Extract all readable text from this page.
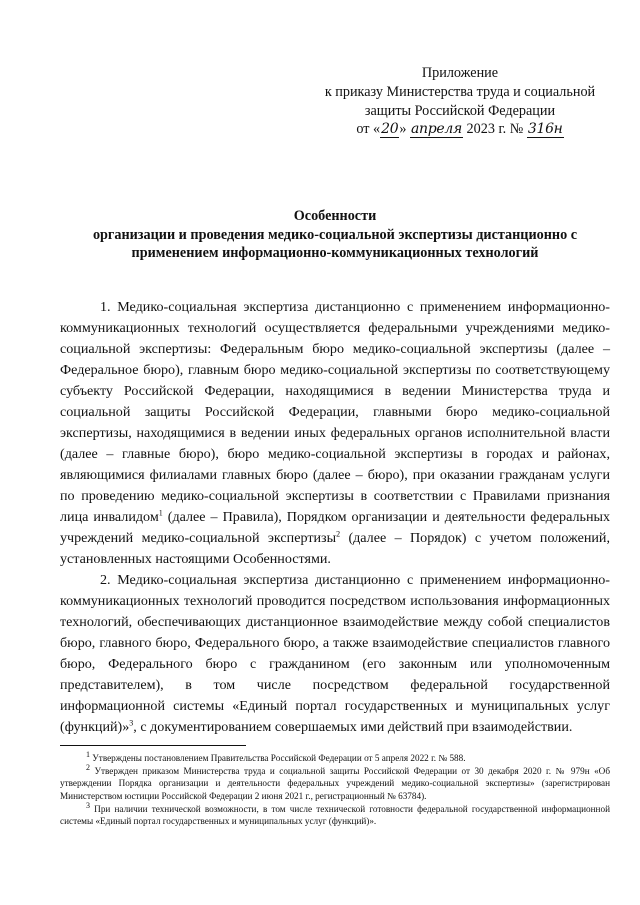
Приложение
к приказу Министерства труда и социальной
защиты Российской Федерации
от «20» апреля 2023 г. № 316н
Особенности
организации и проведения медико-социальной экспертизы дистанционно с
применением информационно-коммуникационных технологий

1. Медико-социальная экспертиза дистанционно с применением информационно-коммуникационных технологий осуществляется федеральными учреждениями медико-социальной экспертизы: Федеральным бюро медико-социальной экспертизы (далее – Федеральное бюро), главным бюро медико-социальной экспертизы по соответствующему субъекту Российской Федерации, находящимися в ведении Министерства труда и социальной защиты Российской Федерации, главными бюро медико-социальной экспертизы, находящимися в ведении иных федеральных органов исполнительной власти (далее – главные бюро), бюро медико-социальной экспертизы в городах и районах, являющимися филиалами главных бюро (далее – бюро), при оказании гражданам услуги по проведению медико-социальной экспертизы в соответствии с Правилами признания лица инвалидом$^1$ (далее – Правила), Порядком организации и деятельности федеральных учреждений медико-социальной экспертизы$^2$ (далее – Порядок) с учетом положений, установленных настоящими Особенностями.

2. Медико-социальная экспертиза дистанционно с применением информационно-коммуникационных технологий проводится посредством использования информационных технологий, обеспечивающих дистанционное взаимодействие между собой специалистов бюро, главного бюро, Федерального бюро, а также взаимодействие специалистов главного бюро, Федерального бюро с гражданином (его законным или уполномоченным представителем), в том числе посредством федеральной государственной информационной системы «Единый портал государственных и муниципальных услуг (функций)»$^3$, с документированием совершаемых ими действий при взаимодействии.

$^1$ Утверждены постановлением Правительства Российской Федерации от 5 апреля 2022 г. № 588.

$^2$ Утвержден приказом Министерства труда и социальной защиты Российской Федерации от 30 декабря 2020 г. № 979н «Об утверждении Порядка организации и деятельности федеральных учреждений медико-социальной экспертизы» (зарегистрирован Министерством юстиции Российской Федерации 2 июня 2021 г., регистрационный № 63784).

$^3$ При наличии технической возможности, в том числе технической готовности федеральной государственной информационной системы «Единый портал государственных и муниципальных услуг (функций)».
